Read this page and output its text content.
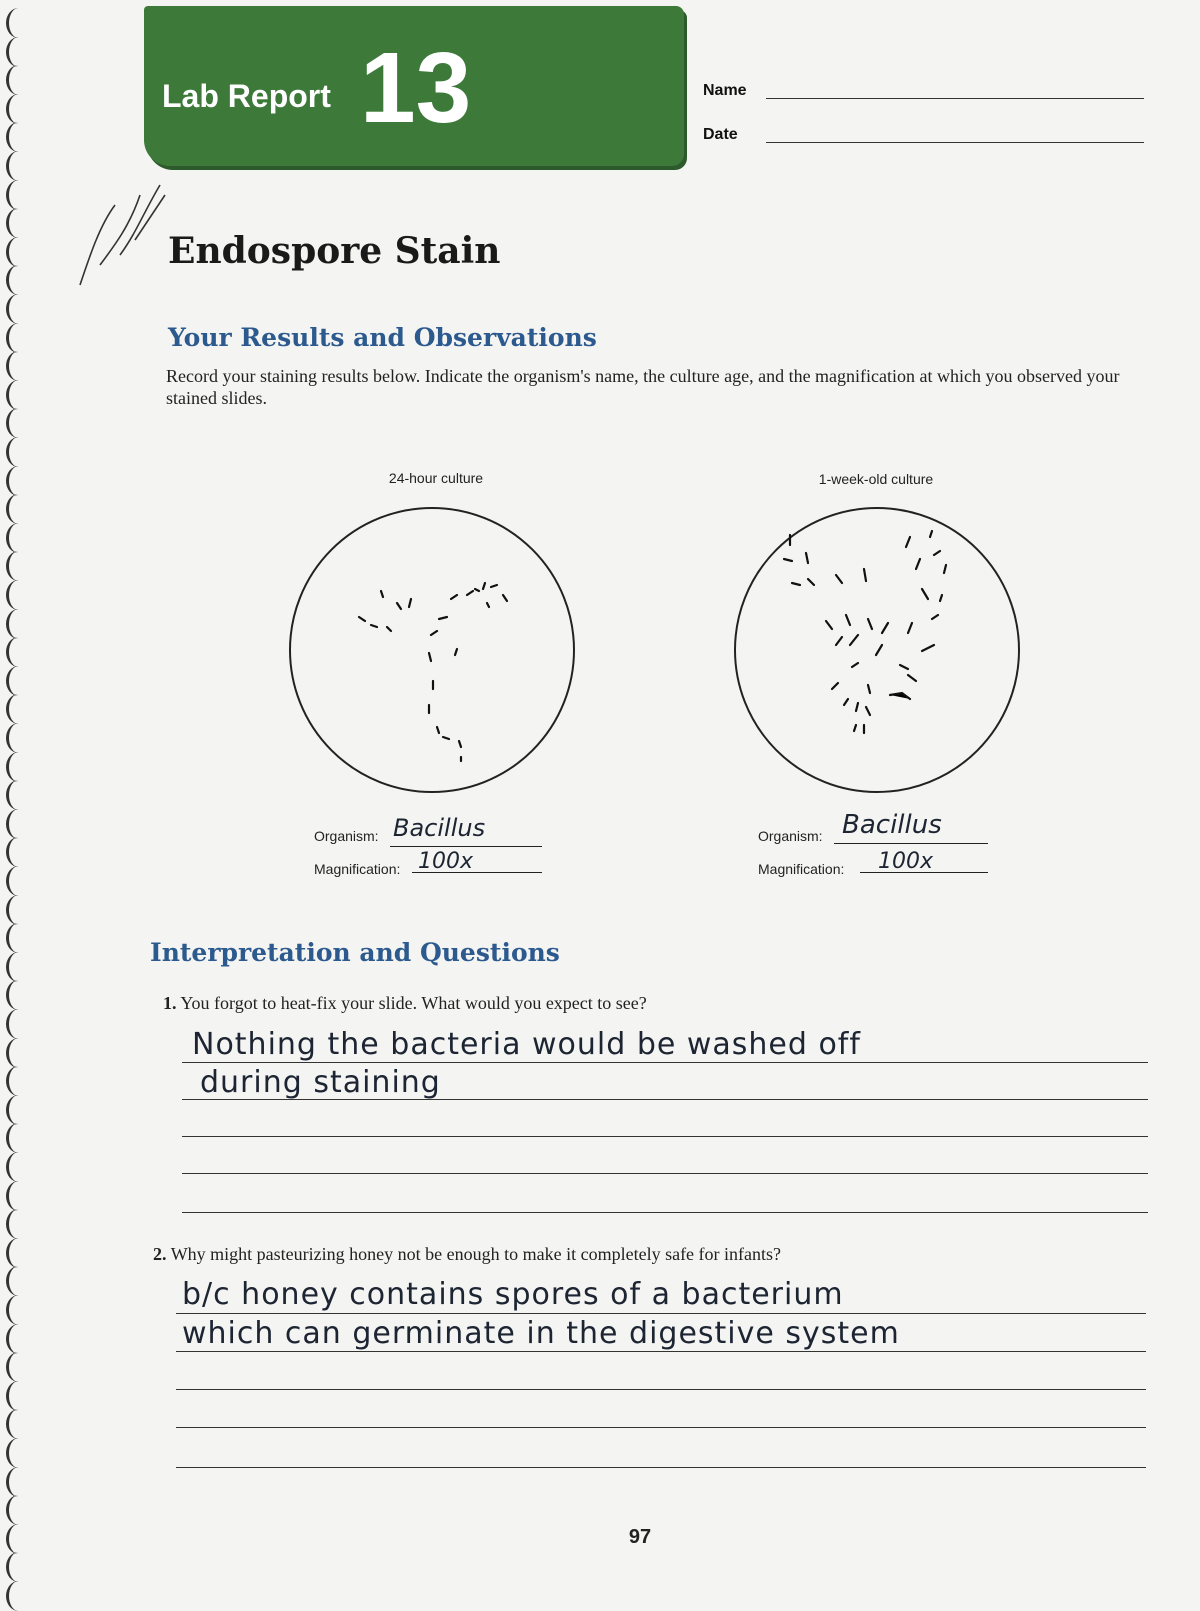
Lab Report 13	Name
Date
Endospore Stain
Your Results and Observations
Record your staining results below. Indicate the organism's name, the culture age, and the magnification at which you observed your stained slides.
24-hour culture	1-week-old culture
Organism: Bacillus
Magnification: 100x
Organism: Bacillus
Magnification: 100x
Interpretation and Questions
1. You forgot to heat-fix your slide. What would you expect to see?
Nothing the bacteria would be washed off
during staining
2. Why might pasteurizing honey not be enough to make it completely safe for infants?
b/c honey contains spores of a bacterium
which can germinate in the digestive system
97
